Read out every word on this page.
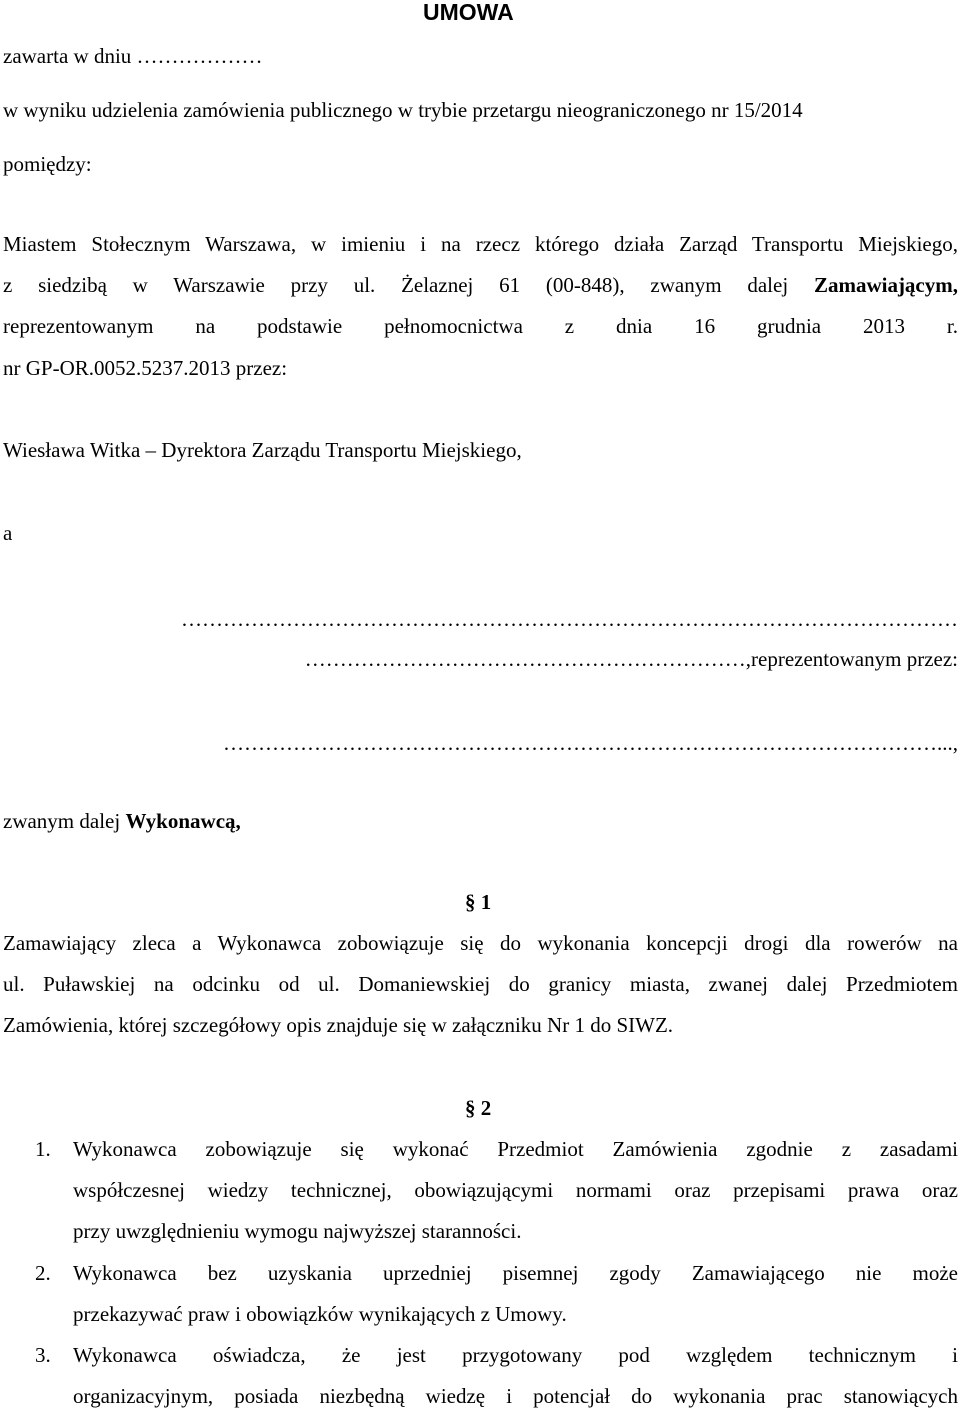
UMOWA
zawarta w dniu ………………
w wyniku udzielenia zamówienia publicznego w trybie przetargu nieograniczonego nr 15/2014
pomiędzy:
Miastem Stołecznym Warszawa, w imieniu i na rzecz którego działa Zarząd Transportu Miejskiego,
z siedzibą w Warszawie przy ul. Żelaznej 61 (00-848), zwanym dalej Zamawiającym,
reprezentowanym na podstawie pełnomocnictwa z dnia 16 grudnia 2013 r.
nr GP-OR.0052.5237.2013 przez:
Wiesława Witka – Dyrektora Zarządu Transportu Miejskiego,
a
…………………………………………………………………………………………………
………………………………………………………,reprezentowanym przez:
…………………………………………………………………………………………...,
zwanym dalej Wykonawcą,
§ 1
Zamawiający zleca a Wykonawca zobowiązuje się do wykonania koncepcji drogi dla rowerów na
ul. Puławskiej na odcinku od ul. Domaniewskiej do granicy miasta, zwanej dalej Przedmiotem
Zamówienia, której szczegółowy opis znajduje się w załączniku Nr 1 do SIWZ.
§ 2
1.	Wykonawca zobowiązuje się wykonać Przedmiot Zamówienia zgodnie z zasadami
współczesnej wiedzy technicznej, obowiązującymi normami oraz przepisami prawa oraz
przy uwzględnieniu wymogu najwyższej staranności.
2.	Wykonawca bez uzyskania uprzedniej pisemnej zgody Zamawiającego nie może
przekazywać praw i obowiązków wynikających z Umowy.
3.	Wykonawca oświadcza, że jest przygotowany pod względem technicznym i
organizacyjnym, posiada niezbędną wiedzę i potencjał do wykonania prac stanowiących
